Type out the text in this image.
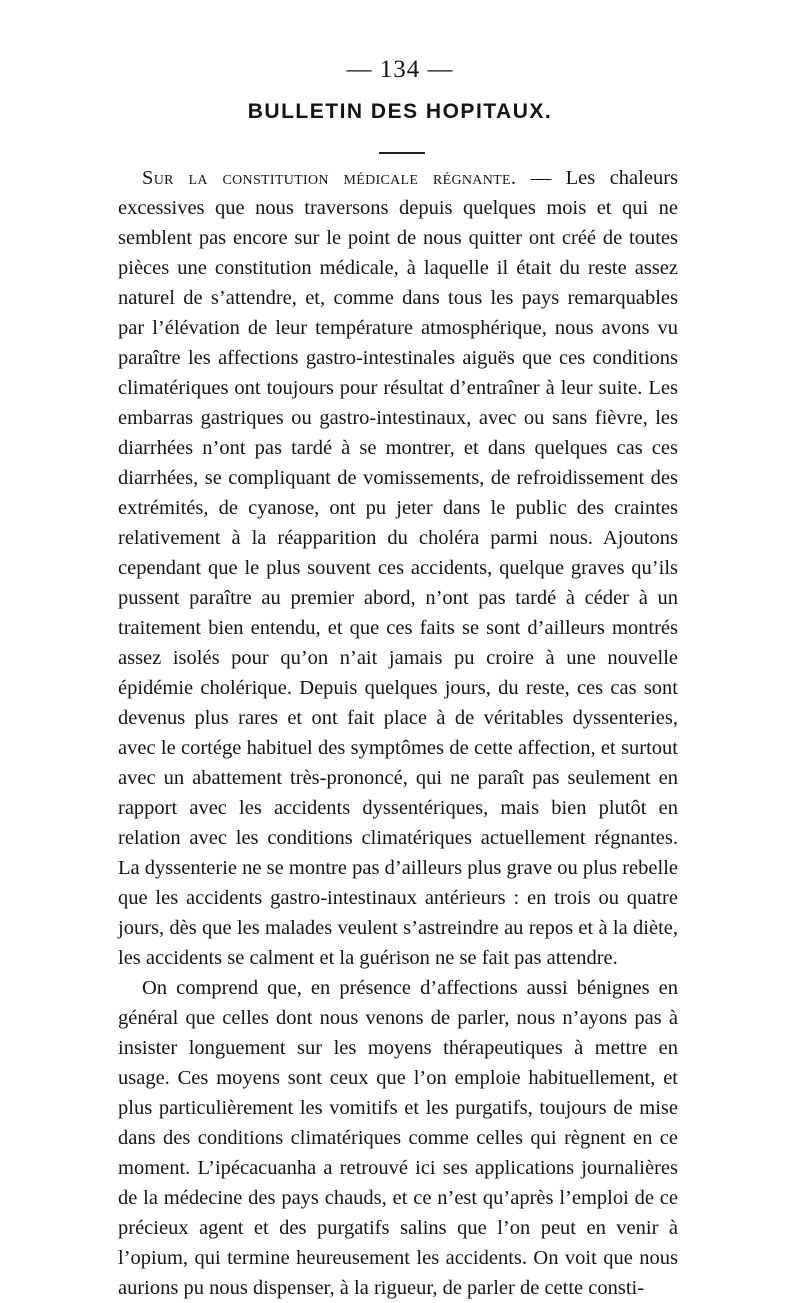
— 134 —
BULLETIN DES HOPITAUX.

Sur la constitution médicale régnante. — Les chaleurs excessives que nous traversons depuis quelques mois et qui ne semblent pas encore sur le point de nous quitter ont créé de toutes pièces une constitution médicale, à laquelle il était du reste assez naturel de s’attendre, et, comme dans tous les pays remarquables par l’élévation de leur température atmosphérique, nous avons vu paraître les affections gastro-intestinales aiguës que ces conditions climatériques ont toujours pour résultat d’entraîner à leur suite. Les embarras gastriques ou gastro-intestinaux, avec ou sans fièvre, les diarrhées n’ont pas tardé à se montrer, et dans quelques cas ces diarrhées, se compliquant de vomissements, de refroidissement des extrémités, de cyanose, ont pu jeter dans le public des craintes relativement à la réapparition du choléra parmi nous. Ajoutons cependant que le plus souvent ces accidents, quelque graves qu’ils pussent paraître au premier abord, n’ont pas tardé à céder à un traitement bien entendu, et que ces faits se sont d’ailleurs montrés assez isolés pour qu’on n’ait jamais pu croire à une nouvelle épidémie cholérique. Depuis quelques jours, du reste, ces cas sont devenus plus rares et ont fait place à de véritables dyssenteries, avec le cortége habituel des symptômes de cette affection, et surtout avec un abattement très-prononcé, qui ne paraît pas seulement en rapport avec les accidents dyssentériques, mais bien plutôt en relation avec les conditions climatériques actuellement régnantes. La dyssenterie ne se montre pas d’ailleurs plus grave ou plus rebelle que les accidents gastro-intestinaux antérieurs : en trois ou quatre jours, dès que les malades veulent s’astreindre au repos et à la diète, les accidents se calment et la guérison ne se fait pas attendre.

On comprend que, en présence d’affections aussi bénignes en général que celles dont nous venons de parler, nous n’ayons pas à insister longuement sur les moyens thérapeutiques à mettre en usage. Ces moyens sont ceux que l’on emploie habituellement, et plus particulièrement les vomitifs et les purgatifs, toujours de mise dans des conditions climatériques comme celles qui règnent en ce moment. L’ipécacuanha a retrouvé ici ses applications journalières de la médecine des pays chauds, et ce n’est qu’après l’emploi de ce précieux agent et des purgatifs salins que l’on peut en venir à l’opium, qui termine heureusement les accidents. On voit que nous aurions pu nous dispenser, à la rigueur, de parler de cette consti-
